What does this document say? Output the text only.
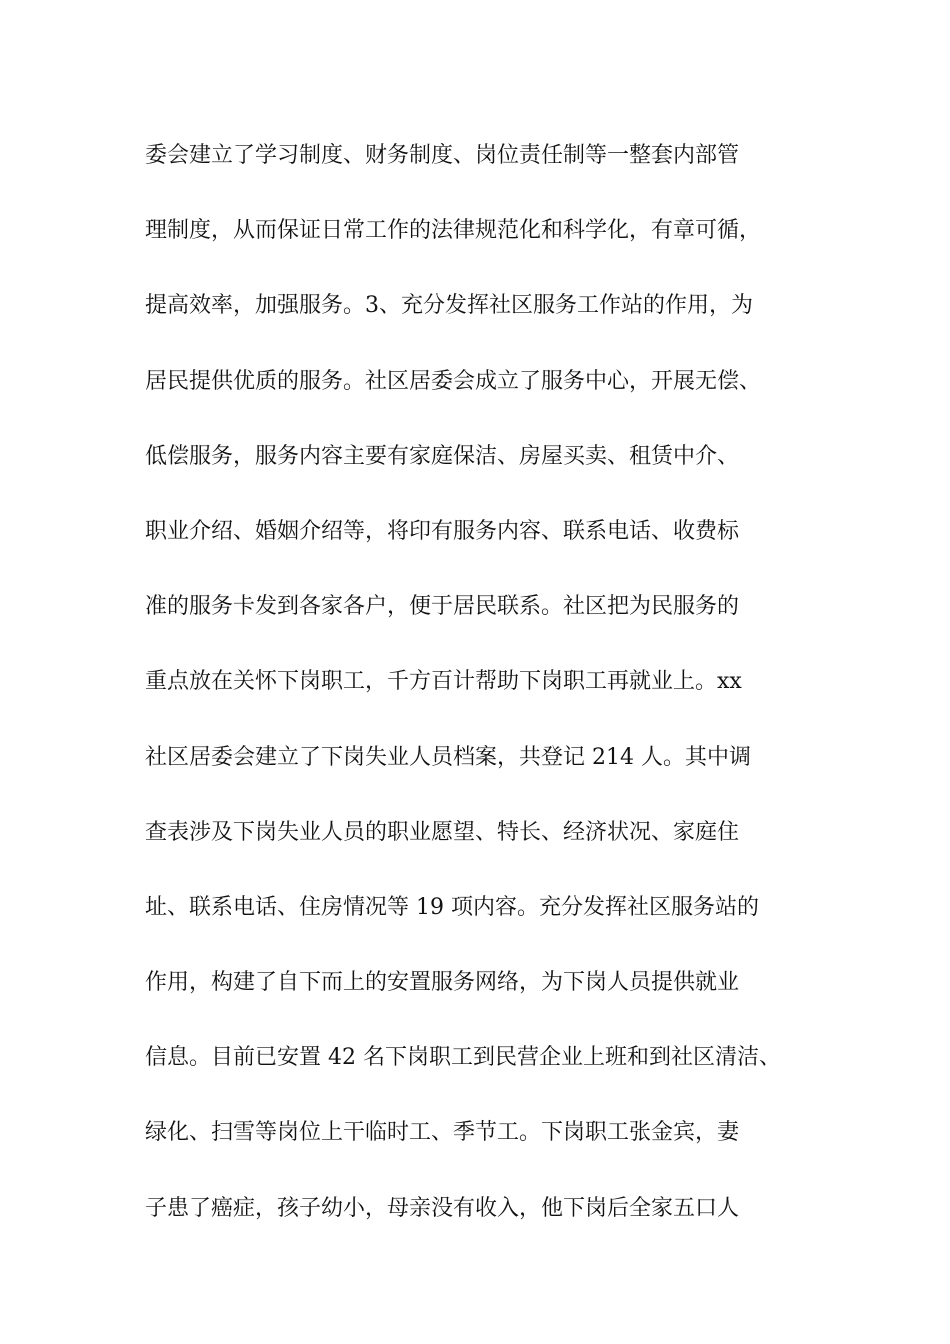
委会建立了学习制度、财务制度、岗位责任制等一整套内部管
理制度，从而保证日常工作的法律规范化和科学化，有章可循，
提高效率，加强服务。3、充分发挥社区服务工作站的作用，为
居民提供优质的服务。社区居委会成立了服务中心，开展无偿、
低偿服务，服务内容主要有家庭保洁、房屋买卖、租赁中介、
职业介绍、婚姻介绍等，将印有服务内容、联系电话、收费标
准的服务卡发到各家各户，便于居民联系。社区把为民服务的
重点放在关怀下岗职工，千方百计帮助下岗职工再就业上。xx
社区居委会建立了下岗失业人员档案，共登记 214 人。其中调
查表涉及下岗失业人员的职业愿望、特长、经济状况、家庭住
址、联系电话、住房情况等 19 项内容。充分发挥社区服务站的
作用，构建了自下而上的安置服务网络，为下岗人员提供就业
信息。目前已安置 42 名下岗职工到民营企业上班和到社区清洁、
绿化、扫雪等岗位上干临时工、季节工。下岗职工张金宾，妻
子患了癌症，孩子幼小，母亲没有收入，他下岗后全家五口人
